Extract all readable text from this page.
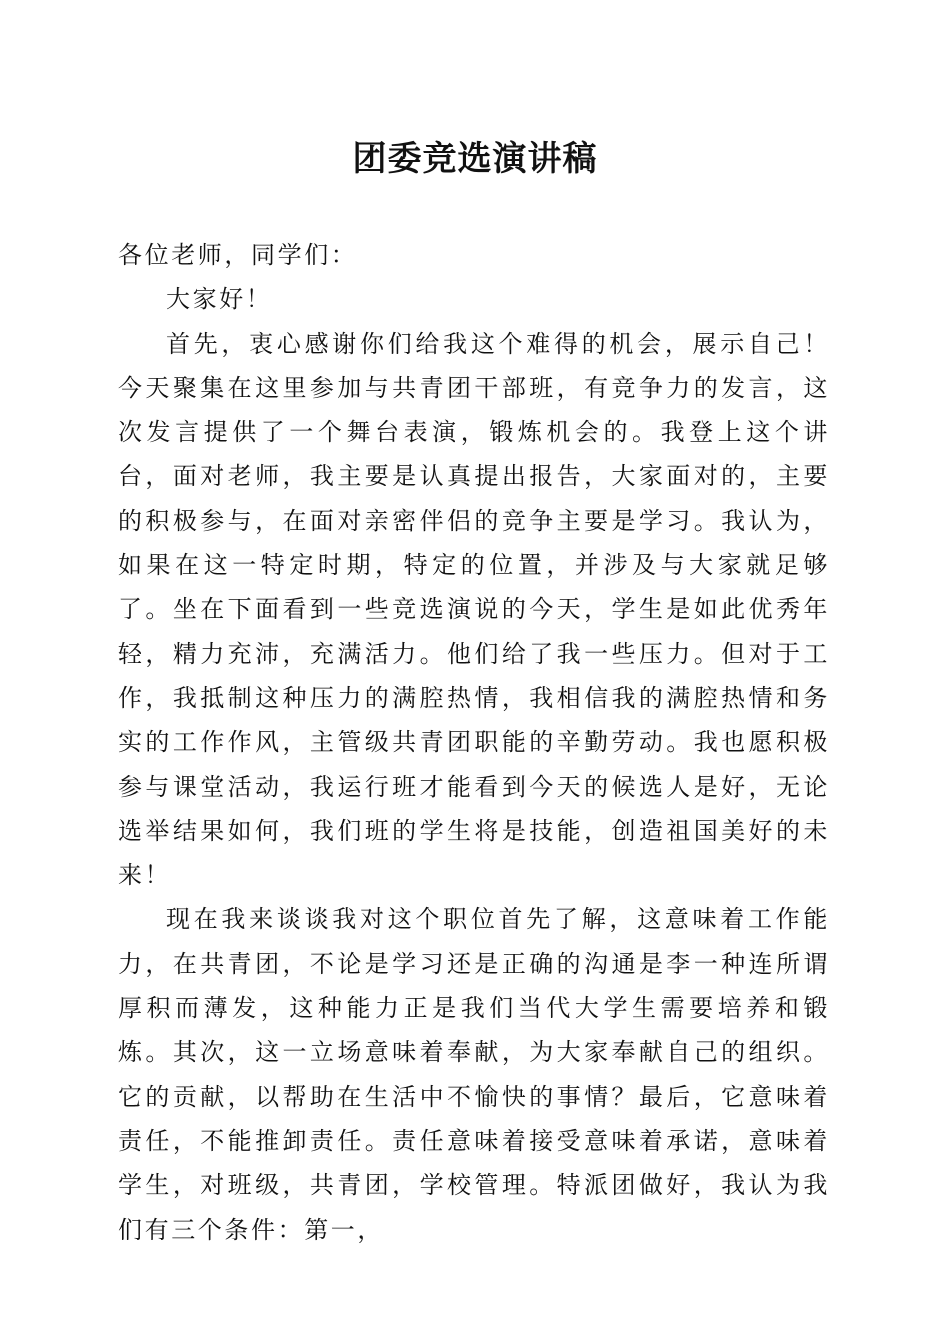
团委竞选演讲稿

各位老师，同学们：

大家好！

首先，衷心感谢你们给我这个难得的机会，展示自己！今天聚集在这里参加与共青团干部班，有竞争力的发言，这次发言提供了一个舞台表演，锻炼机会的。我登上这个讲台，面对老师，我主要是认真提出报告，大家面对的，主要的积极参与，在面对亲密伴侣的竞争主要是学习。我认为，如果在这一特定时期，特定的位置，并涉及与大家就足够了。坐在下面看到一些竞选演说的今天，学生是如此优秀年轻，精力充沛，充满活力。他们给了我一些压力。但对于工作，我抵制这种压力的满腔热情，我相信我的满腔热情和务实的工作作风，主管级共青团职能的辛勤劳动。我也愿积极参与课堂活动，我运行班才能看到今天的候选人是好，无论选举结果如何，我们班的学生将是技能，创造祖国美好的未来！

现在我来谈谈我对这个职位首先了解，这意味着工作能力，在共青团，不论是学习还是正确的沟通是李一种连所谓厚积而薄发，这种能力正是我们当代大学生需要培养和锻炼。其次，这一立场意味着奉献，为大家奉献自己的组织。它的贡献，以帮助在生活中不愉快的事情？最后，它意味着责任，不能推卸责任。责任意味着接受意味着承诺，意味着学生，对班级，共青团，学校管理。特派团做好，我认为我们有三个条件：第一，
